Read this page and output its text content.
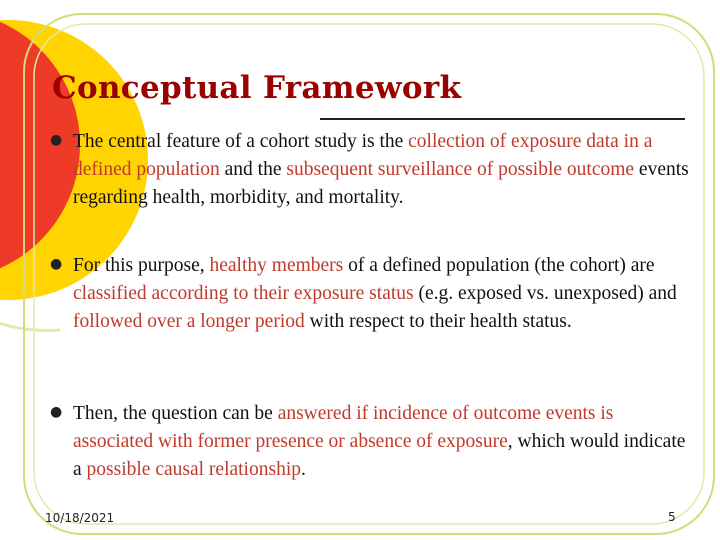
Conceptual Framework
● The central feature of a cohort study is the collection of exposure data in a defined population and the subsequent surveillance of possible outcome events regarding health, morbidity, and mortality.
● For this purpose, healthy members of a defined population (the cohort) are classified according to their exposure status (e.g. exposed vs. unexposed) and followed over a longer period with respect to their health status.
● Then, the question can be answered if incidence of outcome events is associated with former presence or absence of exposure, which would indicate a possible causal relationship.
10/18/2021	5
